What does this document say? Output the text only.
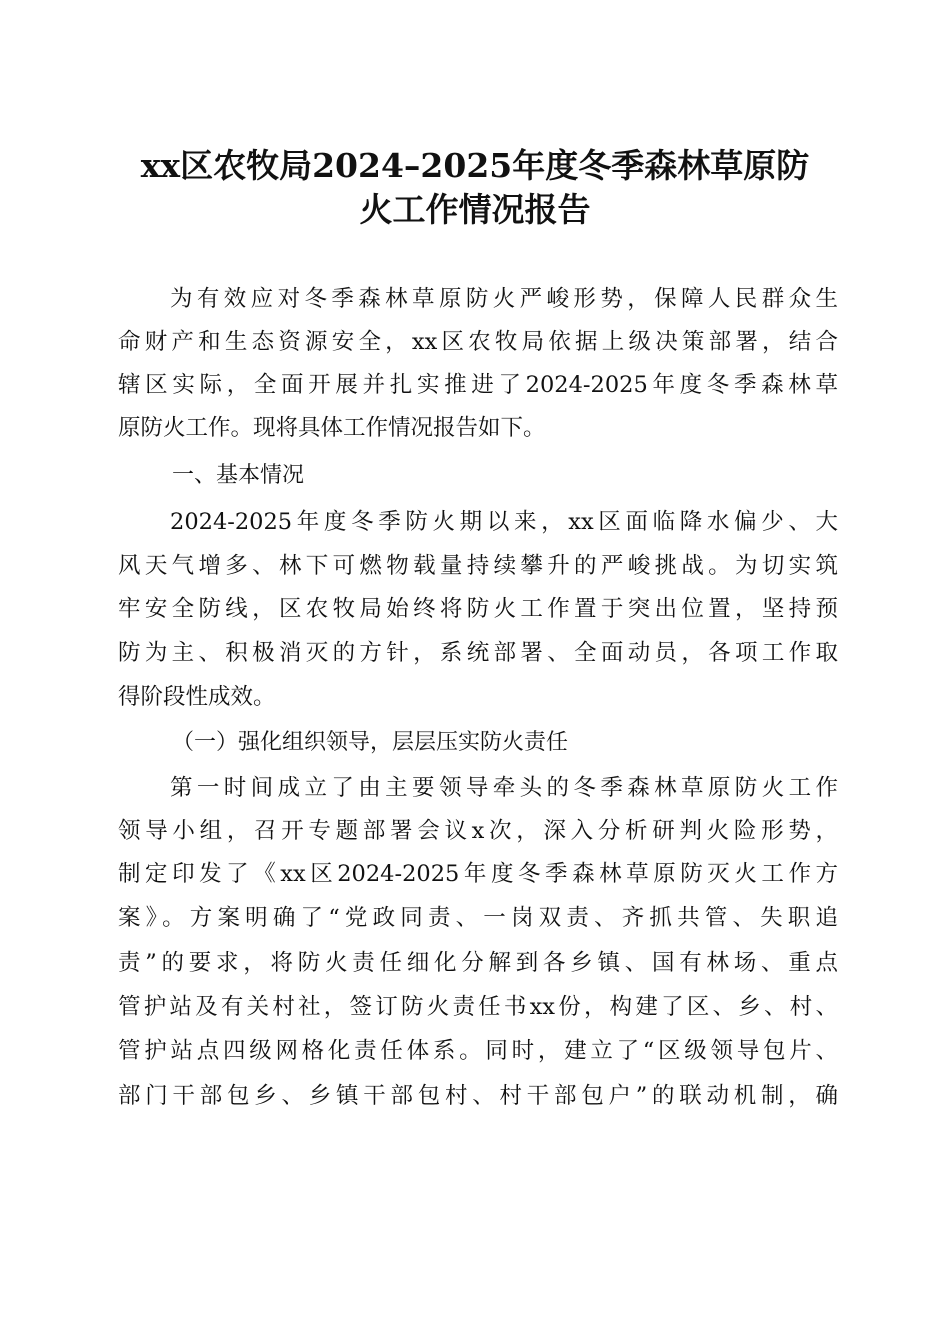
xx区农牧局2024–2025年度冬季森林草原防
火工作情况报告
为有效应对冬季森林草原防火严峻形势，保障人民群众生
命财产和生态资源安全，xx区农牧局依据上级决策部署，结合
辖区实际，全面开展并扎实推进了2024-2025年度冬季森林草
原防火工作。现将具体工作情况报告如下。
一、基本情况
2024-2025年度冬季防火期以来，xx区面临降水偏少、大
风天气增多、林下可燃物载量持续攀升的严峻挑战。为切实筑
牢安全防线，区农牧局始终将防火工作置于突出位置，坚持预
防为主、积极消灭的方针，系统部署、全面动员，各项工作取
得阶段性成效。
（一）强化组织领导，层层压实防火责任
第一时间成立了由主要领导牵头的冬季森林草原防火工作
领导小组，召开专题部署会议x次，深入分析研判火险形势，
制定印发了《xx区2024-2025年度冬季森林草原防灭火工作方
案》。方案明确了“党政同责、一岗双责、齐抓共管、失职追
责”的要求，将防火责任细化分解到各乡镇、国有林场、重点
管护站及有关村社，签订防火责任书xx份，构建了区、乡、村、
管护站点四级网格化责任体系。同时，建立了“区级领导包片、
部门干部包乡、乡镇干部包村、村干部包户”的联动机制，确
